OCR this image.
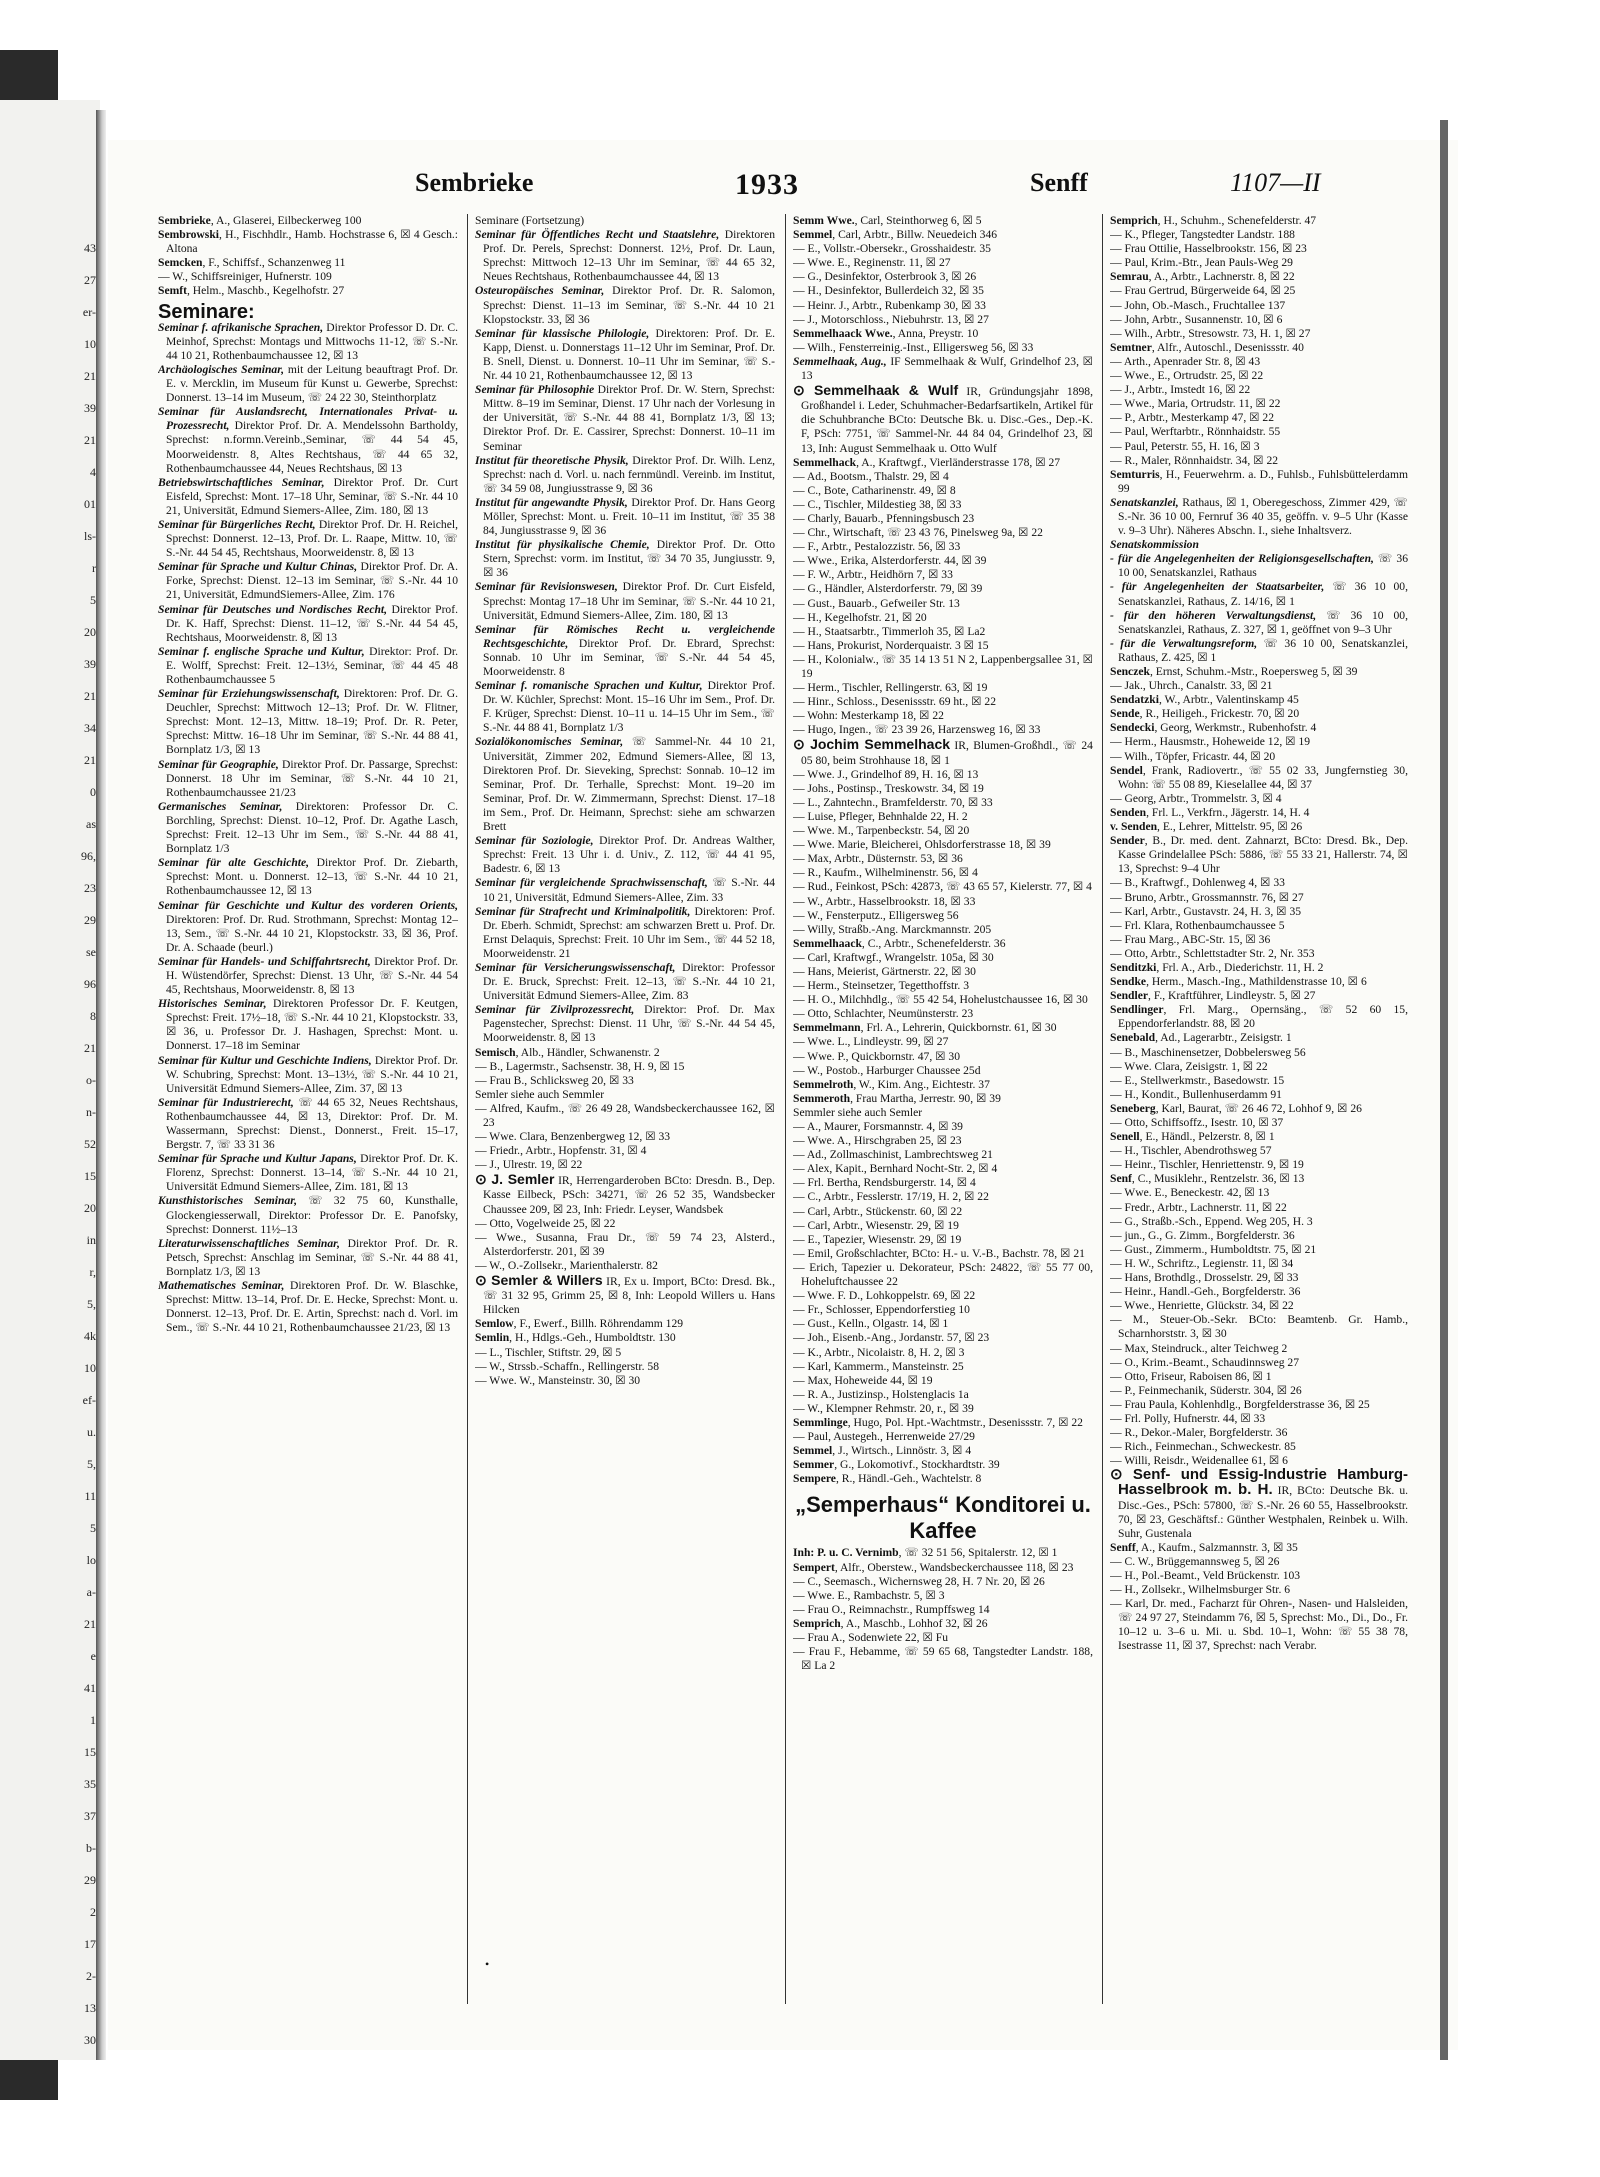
43
27
er-
10
21
39
21
4
01
ls-
r
5
20
39
21
34
21
0
as
96,
23
29
se
96
8
21
o-
n-
52
15
20
in
r,
5,
4k
10
ef-
u.
5,
11
5
lo
a-
21
e
41
1
15
35
37
b-
29
2
17
2-
13
30

Sembrieke	1933	Senff	1107—II
Sembrieke, A., Glaserei, Eilbeckerweg 100
Sembrowski, H., Fischhdlr., Hamb. Hochstrasse 6, ☒ 4 Gesch.: Altona
Semcken, F., Schiffsf., Schanzenweg 11
— W., Schiffsreiniger, Hufnerstr. 109
Semft, Helm., Maschb., Kegelhofstr. 27
Seminare:
Seminar f. afrikanische Sprachen, Direktor Professor D. Dr. C. Meinhof, Sprechst: Montags und Mittwochs 11-12, ☏ S.-Nr. 44 10 21, Rothenbaumchaussee 12, ☒ 13
Archäologisches Seminar, mit der Leitung beauftragt Prof. Dr. E. v. Mercklin, im Museum für Kunst u. Gewerbe, Sprechst: Donnerst. 13–14 im Museum, ☏ 24 22 30, Steinthorplatz
Seminar für Auslandsrecht, Internationales Privat- u. Prozessrecht, Direktor Prof. Dr. A. Mendelssohn Bartholdy, Sprechst: n.formn.Vereinb.,Seminar, ☏ 44 54 45, Moorweidenstr. 8, Altes Rechtshaus, ☏ 44 65 32, Rothenbaumchaussee 44, Neues Rechtshaus, ☒ 13
Betriebswirtschaftliches Seminar, Direktor Prof. Dr. Curt Eisfeld, Sprechst: Mont. 17–18 Uhr, Seminar, ☏ S.-Nr. 44 10 21, Universität, Edmund Siemers-Allee, Zim. 180, ☒ 13
Seminar für Bürgerliches Recht, Direktor Prof. Dr. H. Reichel, Sprechst: Donnerst. 12–13, Prof. Dr. L. Raape, Mittw. 10, ☏ S.-Nr. 44 54 45, Rechtshaus, Moorweidenstr. 8, ☒ 13
Seminar für Sprache und Kultur Chinas, Direktor Prof. Dr. A. Forke, Sprechst: Dienst. 12–13 im Seminar, ☏ S.-Nr. 44 10 21, Universität, EdmundSiemers-Allee, Zim. 176
Seminar für Deutsches und Nordisches Recht, Direktor Prof. Dr. K. Haff, Sprechst: Dienst. 11–12, ☏ S.-Nr. 44 54 45, Rechtshaus, Moorweidenstr. 8, ☒ 13
Seminar f. englische Sprache und Kultur, Direktor: Prof. Dr. E. Wolff, Sprechst: Freit. 12–13½, Seminar, ☏ 44 45 48 Rothenbaumchaussee 5
Seminar für Erziehungswissenschaft, Direktoren: Prof. Dr. G. Deuchler, Sprechst: Mittwoch 12–13; Prof. Dr. W. Flitner, Sprechst: Mont. 12–13, Mittw. 18–19; Prof. Dr. R. Peter, Sprechst: Mittw. 16–18 Uhr im Seminar, ☏ S.-Nr. 44 88 41, Bornplatz 1/3, ☒ 13
Seminar für Geographie, Direktor Prof. Dr. Passarge, Sprechst: Donnerst. 18 Uhr im Seminar, ☏ S.-Nr. 44 10 21, Rothenbaumchaussee 21/23
Germanisches Seminar, Direktoren: Professor Dr. C. Borchling, Sprechst: Dienst. 10–12, Prof. Dr. Agathe Lasch, Sprechst: Freit. 12–13 Uhr im Sem., ☏ S.-Nr. 44 88 41, Bornplatz 1/3
Seminar für alte Geschichte, Direktor Prof. Dr. Ziebarth, Sprechst: Mont. u. Donnerst. 12–13, ☏ S.-Nr. 44 10 21, Rothenbaumchaussee 12, ☒ 13
Seminar für Geschichte und Kultur des vorderen Orients, Direktoren: Prof. Dr. Rud. Strothmann, Sprechst: Montag 12–13, Sem., ☏ S.-Nr. 44 10 21, Klopstockstr. 33, ☒ 36, Prof. Dr. A. Schaade (beurl.)
Seminar für Handels- und Schiffahrtsrecht, Direktor Prof. Dr. H. Wüstendörfer, Sprechst: Dienst. 13 Uhr, ☏ S.-Nr. 44 54 45, Rechtshaus, Moorweidenstr. 8, ☒ 13
Historisches Seminar, Direktoren Professor Dr. F. Keutgen, Sprechst: Freit. 17½–18, ☏ S.-Nr. 44 10 21, Klopstockstr. 33, ☒ 36, u. Professor Dr. J. Hashagen, Sprechst: Mont. u. Donnerst. 17–18 im Seminar
Seminar für Kultur und Geschichte Indiens, Direktor Prof. Dr. W. Schubring, Sprechst: Mont. 13–13½, ☏ S.-Nr. 44 10 21, Universität Edmund Siemers-Allee, Zim. 37, ☒ 13
Seminar für Industrierecht, ☏ 44 65 32, Neues Rechtshaus, Rothenbaumchaussee 44, ☒ 13, Direktor: Prof. Dr. M. Wassermann, Sprechst: Dienst., Donnerst., Freit. 15–17, Bergstr. 7, ☏ 33 31 36
Seminar für Sprache und Kultur Japans, Direktor Prof. Dr. K. Florenz, Sprechst: Donnerst. 13–14, ☏ S.-Nr. 44 10 21, Universität Edmund Siemers-Allee, Zim. 181, ☒ 13
Kunsthistorisches Seminar, ☏ 32 75 60, Kunsthalle, Glockengiesserwall, Direktor: Professor Dr. E. Panofsky, Sprechst: Donnerst. 11½–13
Literaturwissenschaftliches Seminar, Direktor Prof. Dr. R. Petsch, Sprechst: Anschlag im Seminar, ☏ S.-Nr. 44 88 41, Bornplatz 1/3, ☒ 13
Mathematisches Seminar, Direktoren Prof. Dr. W. Blaschke, Sprechst: Mittw. 13–14, Prof. Dr. E. Hecke, Sprechst: Mont. u. Donnerst. 12–13, Prof. Dr. E. Artin, Sprechst: nach d. Vorl. im Sem., ☏ S.-Nr. 44 10 21, Rothenbaumchaussee 21/23, ☒ 13
Seminare (Fortsetzung)
Seminar für Öffentliches Recht und Staatslehre, Direktoren Prof. Dr. Perels, Sprechst: Donnerst. 12½, Prof. Dr. Laun, Sprechst: Mittwoch 12–13 Uhr im Seminar, ☏ 44 65 32, Neues Rechtshaus, Rothenbaumchaussee 44, ☒ 13
Osteuropäisches Seminar, Direktor Prof. Dr. R. Salomon, Sprechst: Dienst. 11–13 im Seminar, ☏ S.-Nr. 44 10 21 Klopstockstr. 33, ☒ 36
Seminar für klassische Philologie, Direktoren: Prof. Dr. E. Kapp, Dienst. u. Donnerstags 11–12 Uhr im Seminar, Prof. Dr. B. Snell, Dienst. u. Donnerst. 10–11 Uhr im Seminar, ☏ S.-Nr. 44 10 21, Rothenbaumchaussee 12, ☒ 13
Seminar für Philosophie Direktor Prof. Dr. W. Stern, Sprechst: Mittw. 8–19 im Seminar, Dienst. 17 Uhr nach der Vorlesung in der Universität, ☏ S.-Nr. 44 88 41, Bornplatz 1/3, ☒ 13; Direktor Prof. Dr. E. Cassirer, Sprechst: Donnerst. 10–11 im Seminar
Institut für theoretische Physik, Direktor Prof. Dr. Wilh. Lenz, Sprechst: nach d. Vorl. u. nach fernmündl. Vereinb. im Institut, ☏ 34 59 08, Jungiusstrasse 9, ☒ 36
Institut für angewandte Physik, Direktor Prof. Dr. Hans Georg Möller, Sprechst: Mont. u. Freit. 10–11 im Institut, ☏ 35 38 84, Jungiusstrasse 9, ☒ 36
Institut für physikalische Chemie, Direktor Prof. Dr. Otto Stern, Sprechst: vorm. im Institut, ☏ 34 70 35, Jungiusstr. 9, ☒ 36
Seminar für Revisionswesen, Direktor Prof. Dr. Curt Eisfeld, Sprechst: Montag 17–18 Uhr im Seminar, ☏ S.-Nr. 44 10 21, Universität, Edmund Siemers-Allee, Zim. 180, ☒ 13
Seminar für Römisches Recht u. vergleichende Rechtsgeschichte, Direktor Prof. Dr. Ebrard, Sprechst: Sonnab. 10 Uhr im Seminar, ☏ S.-Nr. 44 54 45, Moorweidenstr. 8
Seminar f. romanische Sprachen und Kultur, Direktor Prof. Dr. W. Küchler, Sprechst: Mont. 15–16 Uhr im Sem., Prof. Dr. F. Krüger, Sprechst: Dienst. 10–11 u. 14–15 Uhr im Sem., ☏ S.-Nr. 44 88 41, Bornplatz 1/3
Sozialökonomisches Seminar, ☏ Sammel-Nr. 44 10 21, Universität, Zimmer 202, Edmund Siemers-Allee, ☒ 13, Direktoren Prof. Dr. Sieveking, Sprechst: Sonnab. 10–12 im Seminar, Prof. Dr. Terhalle, Sprechst: Mont. 19–20 im Seminar, Prof. Dr. W. Zimmermann, Sprechst: Dienst. 17–18 im Sem., Prof. Dr. Heimann, Sprechst: siehe am schwarzen Brett
Seminar für Soziologie, Direktor Prof. Dr. Andreas Walther, Sprechst: Freit. 13 Uhr i. d. Univ., Z. 112, ☏ 44 41 95, Badestr. 6, ☒ 13
Seminar für vergleichende Sprachwissenschaft, ☏ S.-Nr. 44 10 21, Universität, Edmund Siemers-Allee, Zim. 33
Seminar für Strafrecht und Kriminalpolitik, Direktoren: Prof. Dr. Eberh. Schmidt, Sprechst: am schwarzen Brett u. Prof. Dr. Ernst Delaquis, Sprechst: Freit. 10 Uhr im Sem., ☏ 44 52 18, Moorweidenstr. 21
Seminar für Versicherungswissenschaft, Direktor: Professor Dr. E. Bruck, Sprechst: Freit. 12–13, ☏ S.-Nr. 44 10 21, Universität Edmund Siemers-Allee, Zim. 83
Seminar für Zivilprozessrecht, Direktor: Prof. Dr. Max Pagenstecher, Sprechst: Dienst. 11 Uhr, ☏ S.-Nr. 44 54 45, Moorweidenstr. 8, ☒ 13
Semisch, Alb., Händler, Schwanenstr. 2
— B., Lagermstr., Sachsenstr. 38, H. 9, ☒ 15
— Frau B., Schlicksweg 20, ☒ 33
Semler siehe auch Semmler
— Alfred, Kaufm., ☏ 26 49 28, Wandsbeckerchaussee 162, ☒ 23
— Wwe. Clara, Benzenbergweg 12, ☒ 33
— Friedr., Arbtr., Hopfenstr. 31, ☒ 4
— J., Ulrestr. 19, ☒ 22
⊙ J. Semler IR, Herrengarderoben BCto: Dresdn. B., Dep. Kasse Eilbeck, PSch: 34271, ☏ 26 52 35, Wandsbecker Chaussee 209, ☒ 23, Inh: Friedr. Leyser, Wandsbek
— Otto, Vogelweide 25, ☒ 22
— Wwe., Susanna, Frau Dr., ☏ 59 74 23, Alsterd., Alsterdorferstr. 201, ☒ 39
— W., O.-Zollsekr., Marienthalerstr. 82
⊙ Semler & Willers IR, Ex u. Import, BCto: Dresd. Bk., ☏ 31 32 95, Grimm 25, ☒ 8, Inh: Leopold Willers u. Hans Hilcken
Semlow, F., Ewerf., Billh. Röhrendamm 129
Semlin, H., Hdlgs.-Geh., Humboldtstr. 130
— L., Tischler, Stiftstr. 29, ☒ 5
— W., Strssb.-Schaffn., Rellingerstr. 58
— Wwe. W., Mansteinstr. 30, ☒ 30
Semm Wwe., Carl, Steinthorweg 6, ☒ 5
Semmel, Carl, Arbtr., Billw. Neuedeich 346
— E., Vollstr.-Obersekr., Grosshaidestr. 35
— Wwe. E., Reginenstr. 11, ☒ 27
— G., Desinfektor, Osterbrook 3, ☒ 26
— H., Desinfektor, Bullerdeich 32, ☒ 35
— Heinr. J., Arbtr., Rubenkamp 30, ☒ 33
— J., Motorschloss., Niebuhrstr. 13, ☒ 27
Semmelhaack Wwe., Anna, Preystr. 10
— Wilh., Fensterreinig.-Inst., Elligersweg 56, ☒ 33
Semmelhaak, Aug., IF Semmelhaak & Wulf, Grindelhof 23, ☒ 13
⊙ Semmelhaak & Wulf IR, Gründungsjahr 1898, Großhandel i. Leder, Schuhmacher-Bedarfsartikeln, Artikel für die Schuhbranche BCto: Deutsche Bk. u. Disc.-Ges., Dep.-K. F, PSch: 7751, ☏ Sammel-Nr. 44 84 04, Grindelhof 23, ☒ 13, Inh: August Semmelhaak u. Otto Wulf
Semmelhack, A., Kraftwgf., Vierländerstrasse 178, ☒ 27
— Ad., Bootsm., Thalstr. 29, ☒ 4
— C., Bote, Catharinenstr. 49, ☒ 8
— C., Tischler, Mildestieg 38, ☒ 33
— Charly, Bauarb., Pfenningsbusch 23
— Chr., Wirtschaft, ☏ 23 43 76, Pinelsweg 9a, ☒ 22
— F., Arbtr., Pestalozzistr. 56, ☒ 33
— Wwe., Erika, Alsterdorferstr. 44, ☒ 39
— F. W., Arbtr., Heidhörn 7, ☒ 33
— G., Händler, Alsterdorferstr. 79, ☒ 39
— Gust., Bauarb., Gefweiler Str. 13
— H., Kegelhofstr. 21, ☒ 20
— H., Staatsarbtr., Timmerloh 35, ☒ La2
— Hans, Prokurist, Norderquaistr. 3 ☒ 15
— H., Kolonialw., ☏ 35 14 13 51 N 2, Lappenbergsallee 31, ☒ 19
— Herm., Tischler, Rellingerstr. 63, ☒ 19
— Hinr., Schloss., Desenissstr. 69 ht., ☒ 22
— Wohn: Mesterkamp 18, ☒ 22
— Hugo, Ingen., ☏ 23 39 26, Harzensweg 16, ☒ 33
⊙ Jochim Semmelhack IR, Blumen-Großhdl., ☏ 24 05 80, beim Strohhause 18, ☒ 1
— Wwe. J., Grindelhof 89, H. 16, ☒ 13
— Johs., Postinsp., Treskowstr. 34, ☒ 19
— L., Zahntechn., Bramfelderstr. 70, ☒ 33
— Luise, Pfleger, Behnhalde 22, H. 2
— Wwe. M., Tarpenbeckstr. 54, ☒ 20
— Wwe. Marie, Bleicherei, Ohlsdorferstrasse 18, ☒ 39
— Max, Arbtr., Düsternstr. 53, ☒ 36
— R., Kaufm., Wilhelminenstr. 56, ☒ 4
— Rud., Feinkost, PSch: 42873, ☏ 43 65 57, Kielerstr. 77, ☒ 4
— W., Arbtr., Hasselbrookstr. 18, ☒ 33
— W., Fensterputz., Elligersweg 56
— Willy, Straßb.-Ang. Marckmannstr. 205
Semmelhaack, C., Arbtr., Schenefelderstr. 36
— Carl, Kraftwgf., Wrangelstr. 105a, ☒ 30
— Hans, Meierist, Gärtnerstr. 22, ☒ 30
— Herm., Steinsetzer, Tegetthoffstr. 3
— H. O., Milchhdlg., ☏ 55 42 54, Hohelustchaussee 16, ☒ 30
— Otto, Schlachter, Neumünsterstr. 23
Semmelmann, Frl. A., Lehrerin, Quickbornstr. 61, ☒ 30
— Wwe. L., Lindleystr. 99, ☒ 27
— Wwe. P., Quickbornstr. 47, ☒ 30
— W., Postob., Harburger Chaussee 25d
Semmelroth, W., Kim. Ang., Eichtestr. 37
Semmeroth, Frau Martha, Jerrestr. 90, ☒ 39
Semmler siehe auch Semler
— A., Maurer, Forsmannstr. 4, ☒ 39
— Wwe. A., Hirschgraben 25, ☒ 23
— Ad., Zollmaschinist, Lambrechtsweg 21
— Alex, Kapit., Bernhard Nocht-Str. 2, ☒ 4
— Frl. Bertha, Rendsburgerstr. 14, ☒ 4
— C., Arbtr., Fesslerstr. 17/19, H. 2, ☒ 22
— Carl, Arbtr., Stückenstr. 60, ☒ 22
— Carl, Arbtr., Wiesenstr. 29, ☒ 19
— E., Tapezier, Wiesenstr. 29, ☒ 19
— Emil, Großschlachter, BCto: H.- u. V.-B., Bachstr. 78, ☒ 21
— Erich, Tapezier u. Dekorateur, PSch: 24822, ☏ 55 77 00, Hoheluftchaussee 22
— Wwe. F. D., Lohkoppelstr. 69, ☒ 22
— Fr., Schlosser, Eppendorferstieg 10
— Gust., Kelln., Olgastr. 14, ☒ 1
— Joh., Eisenb.-Ang., Jordanstr. 57, ☒ 23
— K., Arbtr., Nicolaistr. 8, H. 2, ☒ 3
— Karl, Kammerm., Mansteinstr. 25
— Max, Hoheweide 44, ☒ 19
— R. A., Justizinsp., Holstenglacis 1a
— W., Klempner Rehmstr. 20, r., ☒ 39
Semmlinge, Hugo, Pol. Hpt.-Wachtmstr., Desenissstr. 7, ☒ 22
— Paul, Austegeh., Herrenweide 27/29
Semmel, J., Wirtsch., Linnöstr. 3, ☒ 4
Semmer, G., Lokomotivf., Stockhardtstr. 39
Sempere, R., Händl.-Geh., Wachtelstr. 8
„Semperhaus“ Konditorei u. Kaffee
Inh: P. u. C. Vernimb, ☏ 32 51 56, Spitalerstr. 12, ☒ 1
Sempert, Alfr., Oberstew., Wandsbeckerchaussee 118, ☒ 23
— C., Seemasch., Wichernsweg 28, H. 7 Nr. 20, ☒ 26
— Wwe. E., Rambachstr. 5, ☒ 3
— Frau O., Reimnachstr., Rumpffsweg 14
Semprich, A., Maschb., Lohhof 32, ☒ 26
— Frau A., Sodenwiete 22, ☒ Fu
— Frau F., Hebamme, ☏ 59 65 68, Tangstedter Landstr. 188, ☒ La 2
Semprich, H., Schuhm., Schenefelderstr. 47
— K., Pfleger, Tangstedter Landstr. 188
— Frau Ottilie, Hasselbrookstr. 156, ☒ 23
— Paul, Krim.-Btr., Jean Pauls-Weg 29
Semrau, A., Arbtr., Lachnerstr. 8, ☒ 22
— Frau Gertrud, Bürgerweide 64, ☒ 25
— John, Ob.-Masch., Fruchtallee 137
— John, Arbtr., Susannenstr. 10, ☒ 6
— Wilh., Arbtr., Stresowstr. 73, H. 1, ☒ 27
Semtner, Alfr., Autoschl., Desenissstr. 40
— Arth., Apenrader Str. 8, ☒ 43
— Wwe., E., Ortrudstr. 25, ☒ 22
— J., Arbtr., Imstedt 16, ☒ 22
— Wwe., Maria, Ortrudstr. 11, ☒ 22
— P., Arbtr., Mesterkamp 47, ☒ 22
— Paul, Werftarbtr., Rönnhaidstr. 55
— Paul, Peterstr. 55, H. 16, ☒ 3
— R., Maler, Rönnhaidstr. 34, ☒ 22
Semturris, H., Feuerwehrm. a. D., Fuhlsb., Fuhlsbüttelerdamm 99
Senatskanzlei, Rathaus, ☒ 1, Oberegeschoss, Zimmer 429, ☏ S.-Nr. 36 10 00, Fernruf 36 40 35, geöffn. v. 9–5 Uhr (Kasse v. 9–3 Uhr). Näheres Abschn. I., siehe Inhaltsverz.
Senatskommission
- für die Angelegenheiten der Religionsgesellschaften, ☏ 36 10 00, Senatskanzlei, Rathaus
- für Angelegenheiten der Staatsarbeiter, ☏ 36 10 00, Senatskanzlei, Rathaus, Z. 14/16, ☒ 1
- für den höheren Verwaltungsdienst, ☏ 36 10 00, Senatskanzlei, Rathaus, Z. 327, ☒ 1, geöffnet von 9–3 Uhr
- für die Verwaltungsreform, ☏ 36 10 00, Senatskanzlei, Rathaus, Z. 425, ☒ 1
Senczek, Ernst, Schuhm.-Mstr., Roepersweg 5, ☒ 39
— Jak., Uhrch., Canalstr. 33, ☒ 21
Sendatzki, W., Arbtr., Valentinskamp 45
Sende, R., Heiligeh., Frickestr. 70, ☒ 20
Sendecki, Georg, Werkmstr., Rubenhofstr. 4
— Herm., Hausmstr., Hoheweide 12, ☒ 19
— Wilh., Töpfer, Fricastr. 44, ☒ 20
Sendel, Frank, Radiovertr., ☏ 55 02 33, Jungfernstieg 30, Wohn: ☏ 55 08 89, Kieselallee 44, ☒ 37
— Georg, Arbtr., Trommelstr. 3, ☒ 4
Senden, Frl. L., Verkfrn., Jägerstr. 14, H. 4
v. Senden, E., Lehrer, Mittelstr. 95, ☒ 26
Sender, B., Dr. med. dent. Zahnarzt, BCto: Dresd. Bk., Dep. Kasse Grindelallee PSch: 5886, ☏ 55 33 21, Hallerstr. 74, ☒ 13, Sprechst: 9–4 Uhr
— B., Kraftwgf., Dohlenweg 4, ☒ 33
— Bruno, Arbtr., Grossmannstr. 76, ☒ 27
— Karl, Arbtr., Gustavstr. 24, H. 3, ☒ 35
— Frl. Klara, Rothenbaumchaussee 5
— Frau Marg., ABC-Str. 15, ☒ 36
— Otto, Arbtr., Schlettstadter Str. 2, Nr. 353
Senditzki, Frl. A., Arb., Diederichstr. 11, H. 2
Sendke, Herm., Masch.-Ing., Mathildenstrasse 10, ☒ 6
Sendler, F., Kraftführer, Lindleystr. 5, ☒ 27
Sendlinger, Frl. Marg., Opernsäng., ☏ 52 60 15, Eppendorferlandstr. 88, ☒ 20
Senebald, Ad., Lagerarbtr., Zeisigstr. 1
— B., Maschinensetzer, Dobbelersweg 56
— Wwe. Clara, Zeisigstr. 1, ☒ 22
— E., Stellwerkmstr., Basedowstr. 15
— H., Kondit., Bullenhuserdamm 91
Seneberg, Karl, Baurat, ☏ 26 46 72, Lohhof 9, ☒ 26
— Otto, Schiffsoffz., Isestr. 10, ☒ 37
Senell, E., Händl., Pelzerstr. 8, ☒ 1
— H., Tischler, Abendrothsweg 57
— Heinr., Tischler, Henriettenstr. 9, ☒ 19
Senf, C., Musiklehr., Rentzelstr. 36, ☒ 13
— Wwe. E., Beneckestr. 42, ☒ 13
— Fredr., Arbtr., Lachnerstr. 11, ☒ 22
— G., Straßb.-Sch., Eppend. Weg 205, H. 3
— jun., G., G. Zimm., Borgfelderstr. 36
— Gust., Zimmerm., Humboldtstr. 75, ☒ 21
— H. W., Schriftz., Legienstr. 11, ☒ 34
— Hans, Brothdlg., Drosselstr. 29, ☒ 33
— Heinr., Handl.-Geh., Borgfelderstr. 36
— Wwe., Henriette, Glückstr. 34, ☒ 22
— M., Steuer-Ob.-Sekr. BCto: Beamtenb. Gr. Hamb., Scharnhorststr. 3, ☒ 30
— Max, Steindruck., alter Teichweg 2
— O., Krim.-Beamt., Schaudinnsweg 27
— Otto, Friseur, Raboisen 86, ☒ 1
— P., Feinmechanik, Süderstr. 304, ☒ 26
— Frau Paula, Kohlenhdlg., Borgfelderstrasse 36, ☒ 25
— Frl. Polly, Hufnerstr. 44, ☒ 33
— R., Dekor.-Maler, Borgfelderstr. 36
— Rich., Feinmechan., Schweckestr. 85
— Willi, Reisdr., Weidenallee 61, ☒ 6
⊙ Senf- und Essig-Industrie Hamburg-Hasselbrook m. b. H. IR, BCto: Deutsche Bk. u. Disc.-Ges., PSch: 57800, ☏ S.-Nr. 26 60 55, Hasselbrookstr. 70, ☒ 23, Geschäftsf.: Günther Westphalen, Reinbek u. Wilh. Suhr, Gustenala
Senff, A., Kaufm., Salzmannstr. 3, ☒ 35
— C. W., Brüggemannsweg 5, ☒ 26
— H., Pol.-Beamt., Veld Brückenstr. 103
— H., Zollsekr., Wilhelmsburger Str. 6
— Karl, Dr. med., Facharzt für Ohren-, Nasen- und Halsleiden, ☏ 24 97 27, Steindamm 76, ☒ 5, Sprechst: Mo., Di., Do., Fr. 10–12 u. 3–6 u. Mi. u. Sbd. 10–1, Wohn: ☏ 55 38 78, Isestrasse 11, ☒ 37, Sprechst: nach Verabr.
•
